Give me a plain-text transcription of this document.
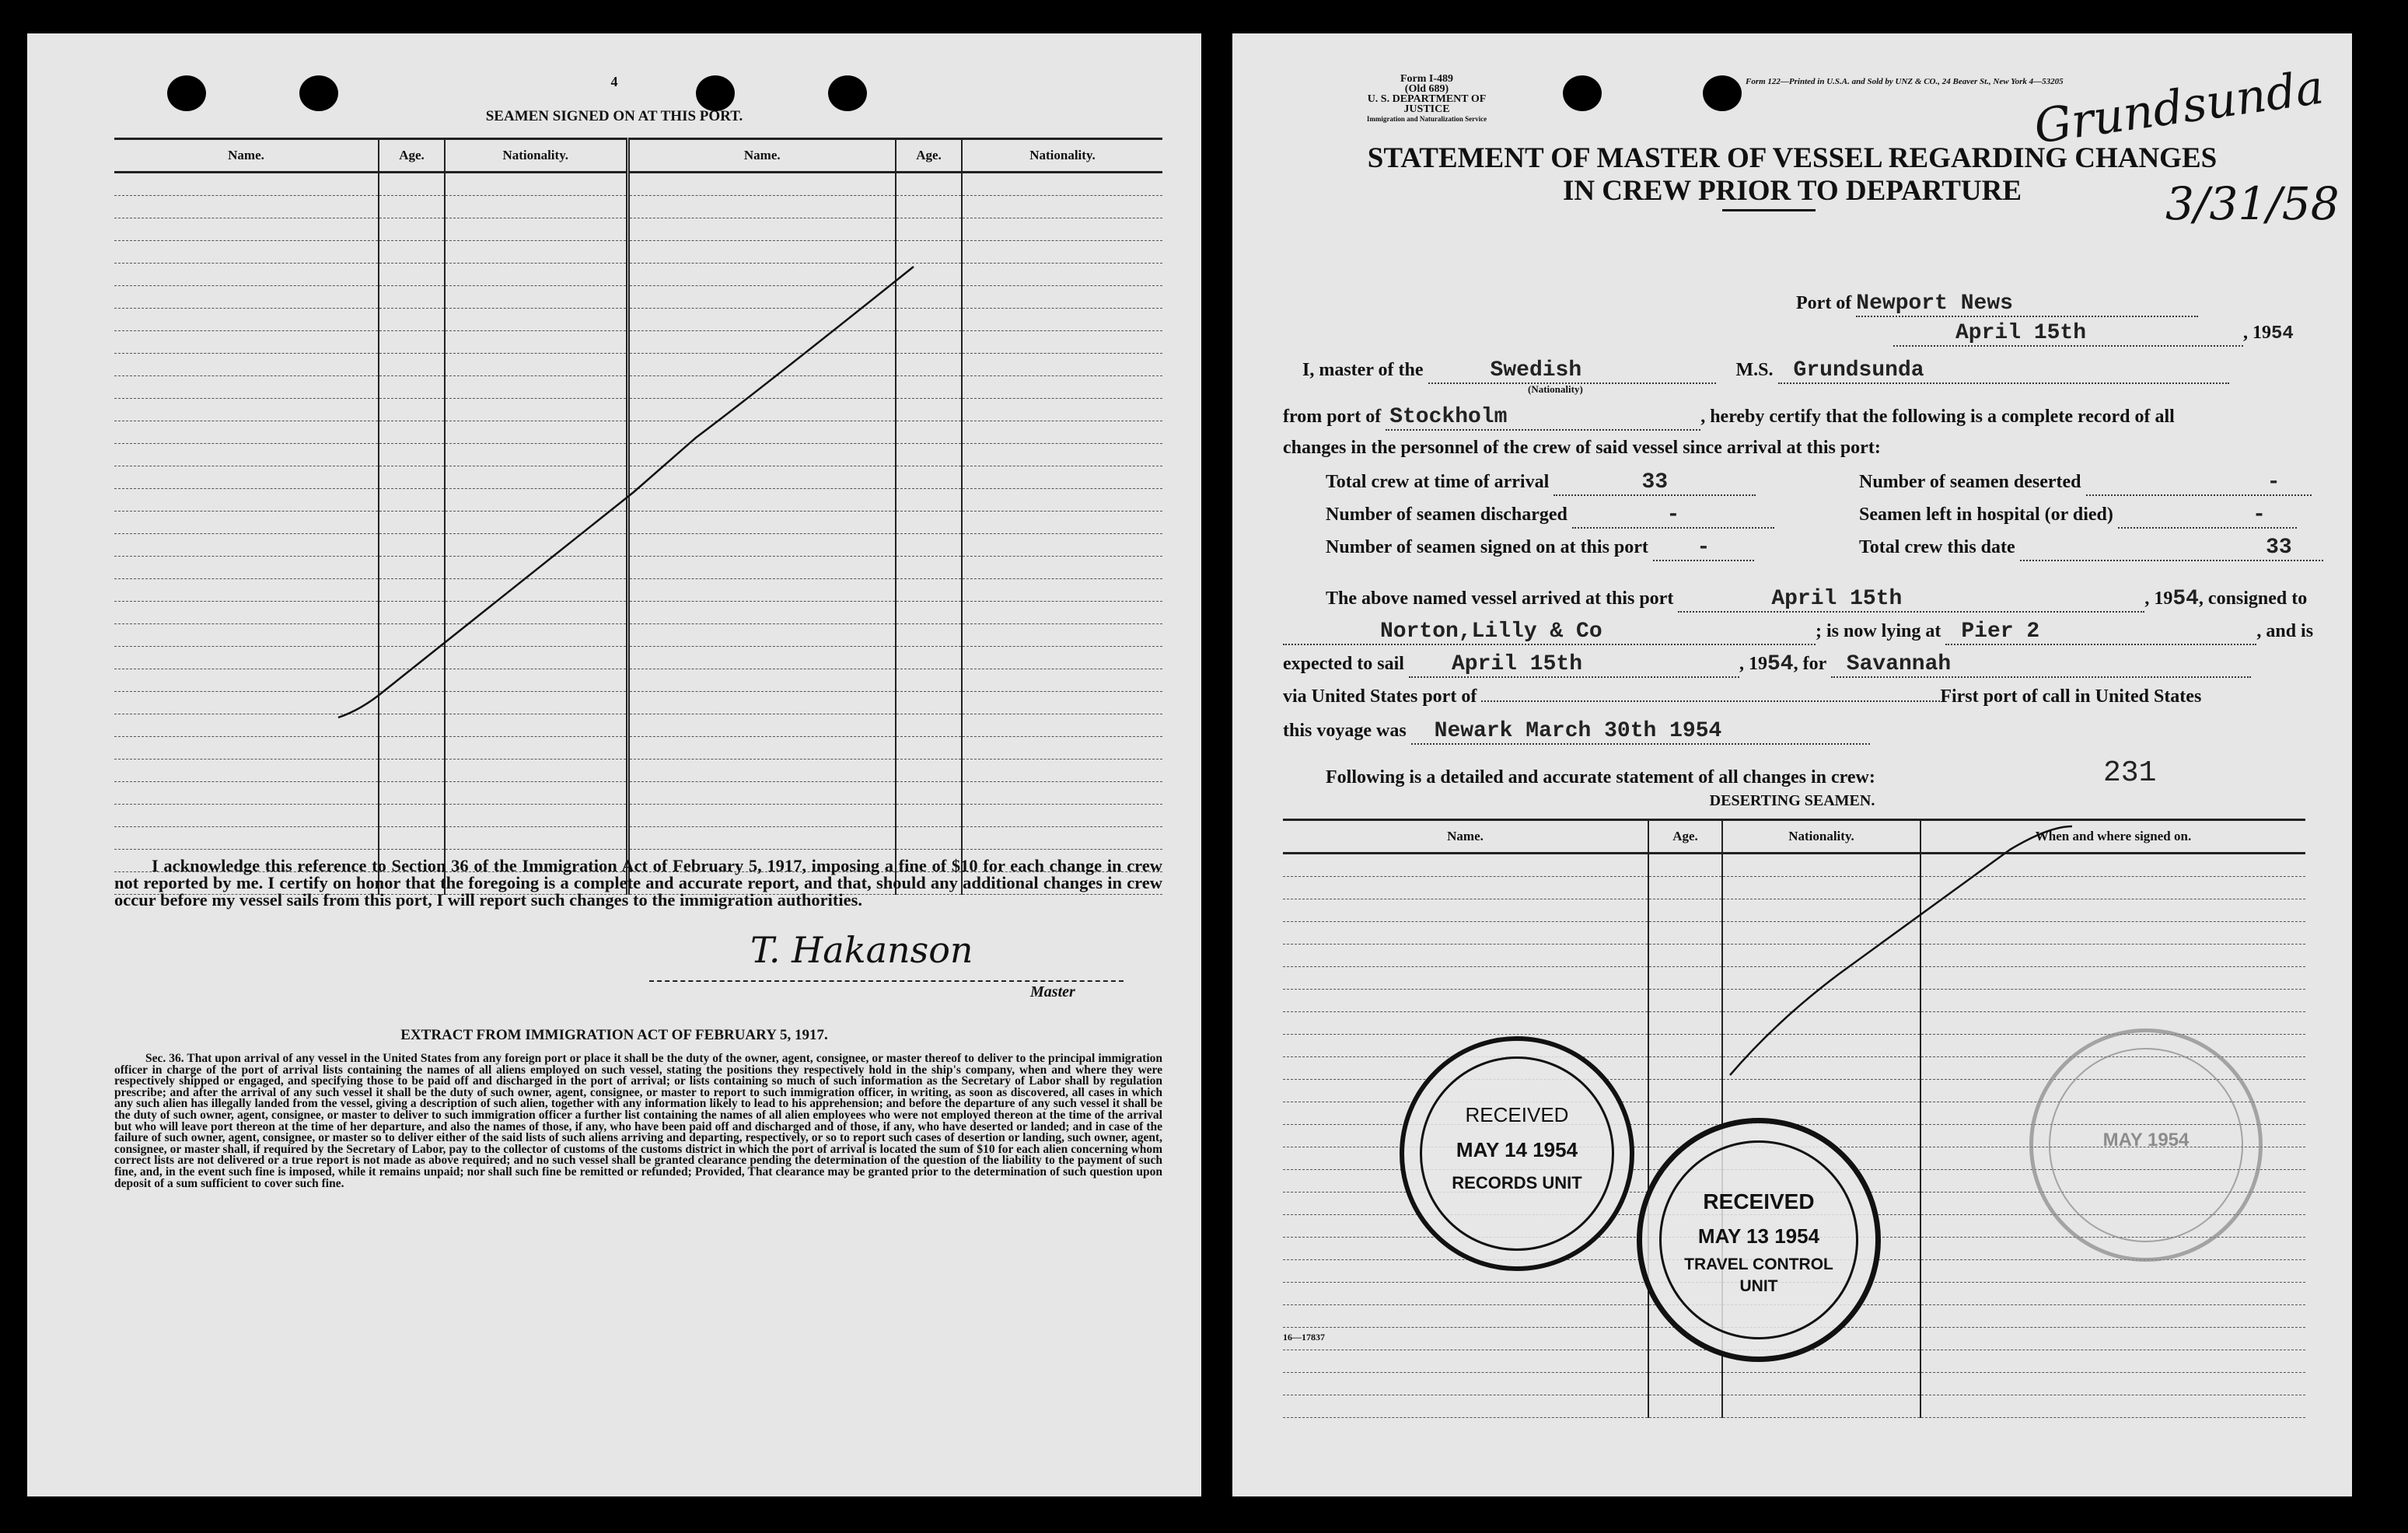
4
SEAMEN SIGNED ON AT THIS PORT.
Name.	Age.	Nationality.	Name.	Age.	Nationality.

I acknowledge this reference to Section 36 of the Immigration Act of February 5, 1917, imposing a fine of $10 for each change in crew not reported by me. I certify on honor that the foregoing is a complete and accurate report, and that, should any additional changes in crew occur before my vessel sails from this port, I will report such changes to the immigration authorities.
T. Hakanson
Master
EXTRACT FROM IMMIGRATION ACT OF FEBRUARY 5, 1917.
Sec. 36. That upon arrival of any vessel in the United States from any foreign port or place it shall be the duty of the owner, agent, consignee, or master thereof to deliver to the principal immigration officer in charge of the port of arrival lists containing the names of all aliens employed on such vessel, stating the positions they respectively hold in the ship's company, when and where they were respectively shipped or engaged, and specifying those to be paid off and discharged in the port of arrival; or lists containing so much of such information as the Secretary of Labor shall by regulation prescribe; and after the arrival of any such vessel it shall be the duty of such owner, agent, consignee, or master to report to such immigration officer, in writing, as soon as discovered, all cases in which any such alien has illegally landed from the vessel, giving a description of such alien, together with any information likely to lead to his apprehension; and before the departure of any such vessel it shall be the duty of such owner, agent, consignee, or master to deliver to such immigration officer a further list containing the names of all alien employees who were not employed thereon at the time of the arrival but who will leave port thereon at the time of her departure, and also the names of those, if any, who have been paid off and discharged and of those, if any, who have deserted or landed; and in case of the failure of such owner, agent, consignee, or master so to deliver either of the said lists of such aliens arriving and departing, respectively, or so to report such cases of desertion or landing, such owner, agent, consignee, or master shall, if required by the Secretary of Labor, pay to the collector of customs of the customs district in which the port of arrival is located the sum of $10 for each alien concerning whom correct lists are not delivered or a true report is not made as above required; and no such vessel shall be granted clearance pending the determination of the question of the liability to the payment of such fine, and, in the event such fine is imposed, while it remains unpaid; nor shall such fine be remitted or refunded; Provided, That clearance may be granted prior to the determination of such question upon deposit of a sum sufficient to cover such fine.
Form I-489
(Old 689)
U. S. DEPARTMENT OF JUSTICE
Immigration and Naturalization Service
Form 122—Printed in U.S.A. and Sold by UNZ & CO., 24 Beaver St., New York 4—53205
Grundsunda
3/31/58
STATEMENT OF MASTER OF VESSEL REGARDING CHANGES
IN CREW PRIOR TO DEPARTURE
Port of Newport News
April 15th	, 1954
I, master of the	Swedish	M.S. Grundsunda
(Nationality)
from port of Stockholm	, hereby certify that the following is a complete record of all
changes in the personnel of the crew of said vessel since arrival at this port:
Total crew at time of arrival	33
Number of seamen discharged	-
Number of seamen signed on at this port -
Number of seamen deserted	-
Seamen left in hospital (or died)	-
Total crew this date	33
The above named vessel arrived at this port	April 15th	, 1954, consigned to
Norton,Lilly & Co	; is now lying at Pier 2	, and is
expected to sail April 15th	, 1954, for Savannah
via United States port of	First port of call in United States
this voyage was Newark March 30th 1954
Following is a detailed and accurate statement of all changes in crew:	231
DESERTING SEAMEN.
Name.	Age.	Nationality.	When and where signed on.

RECEIVED
MAY 14 1954
RECORDS UNIT
RECEIVED
MAY 13 1954
TRAVEL CONTROL
UNIT
MAY 1954
16—17837
